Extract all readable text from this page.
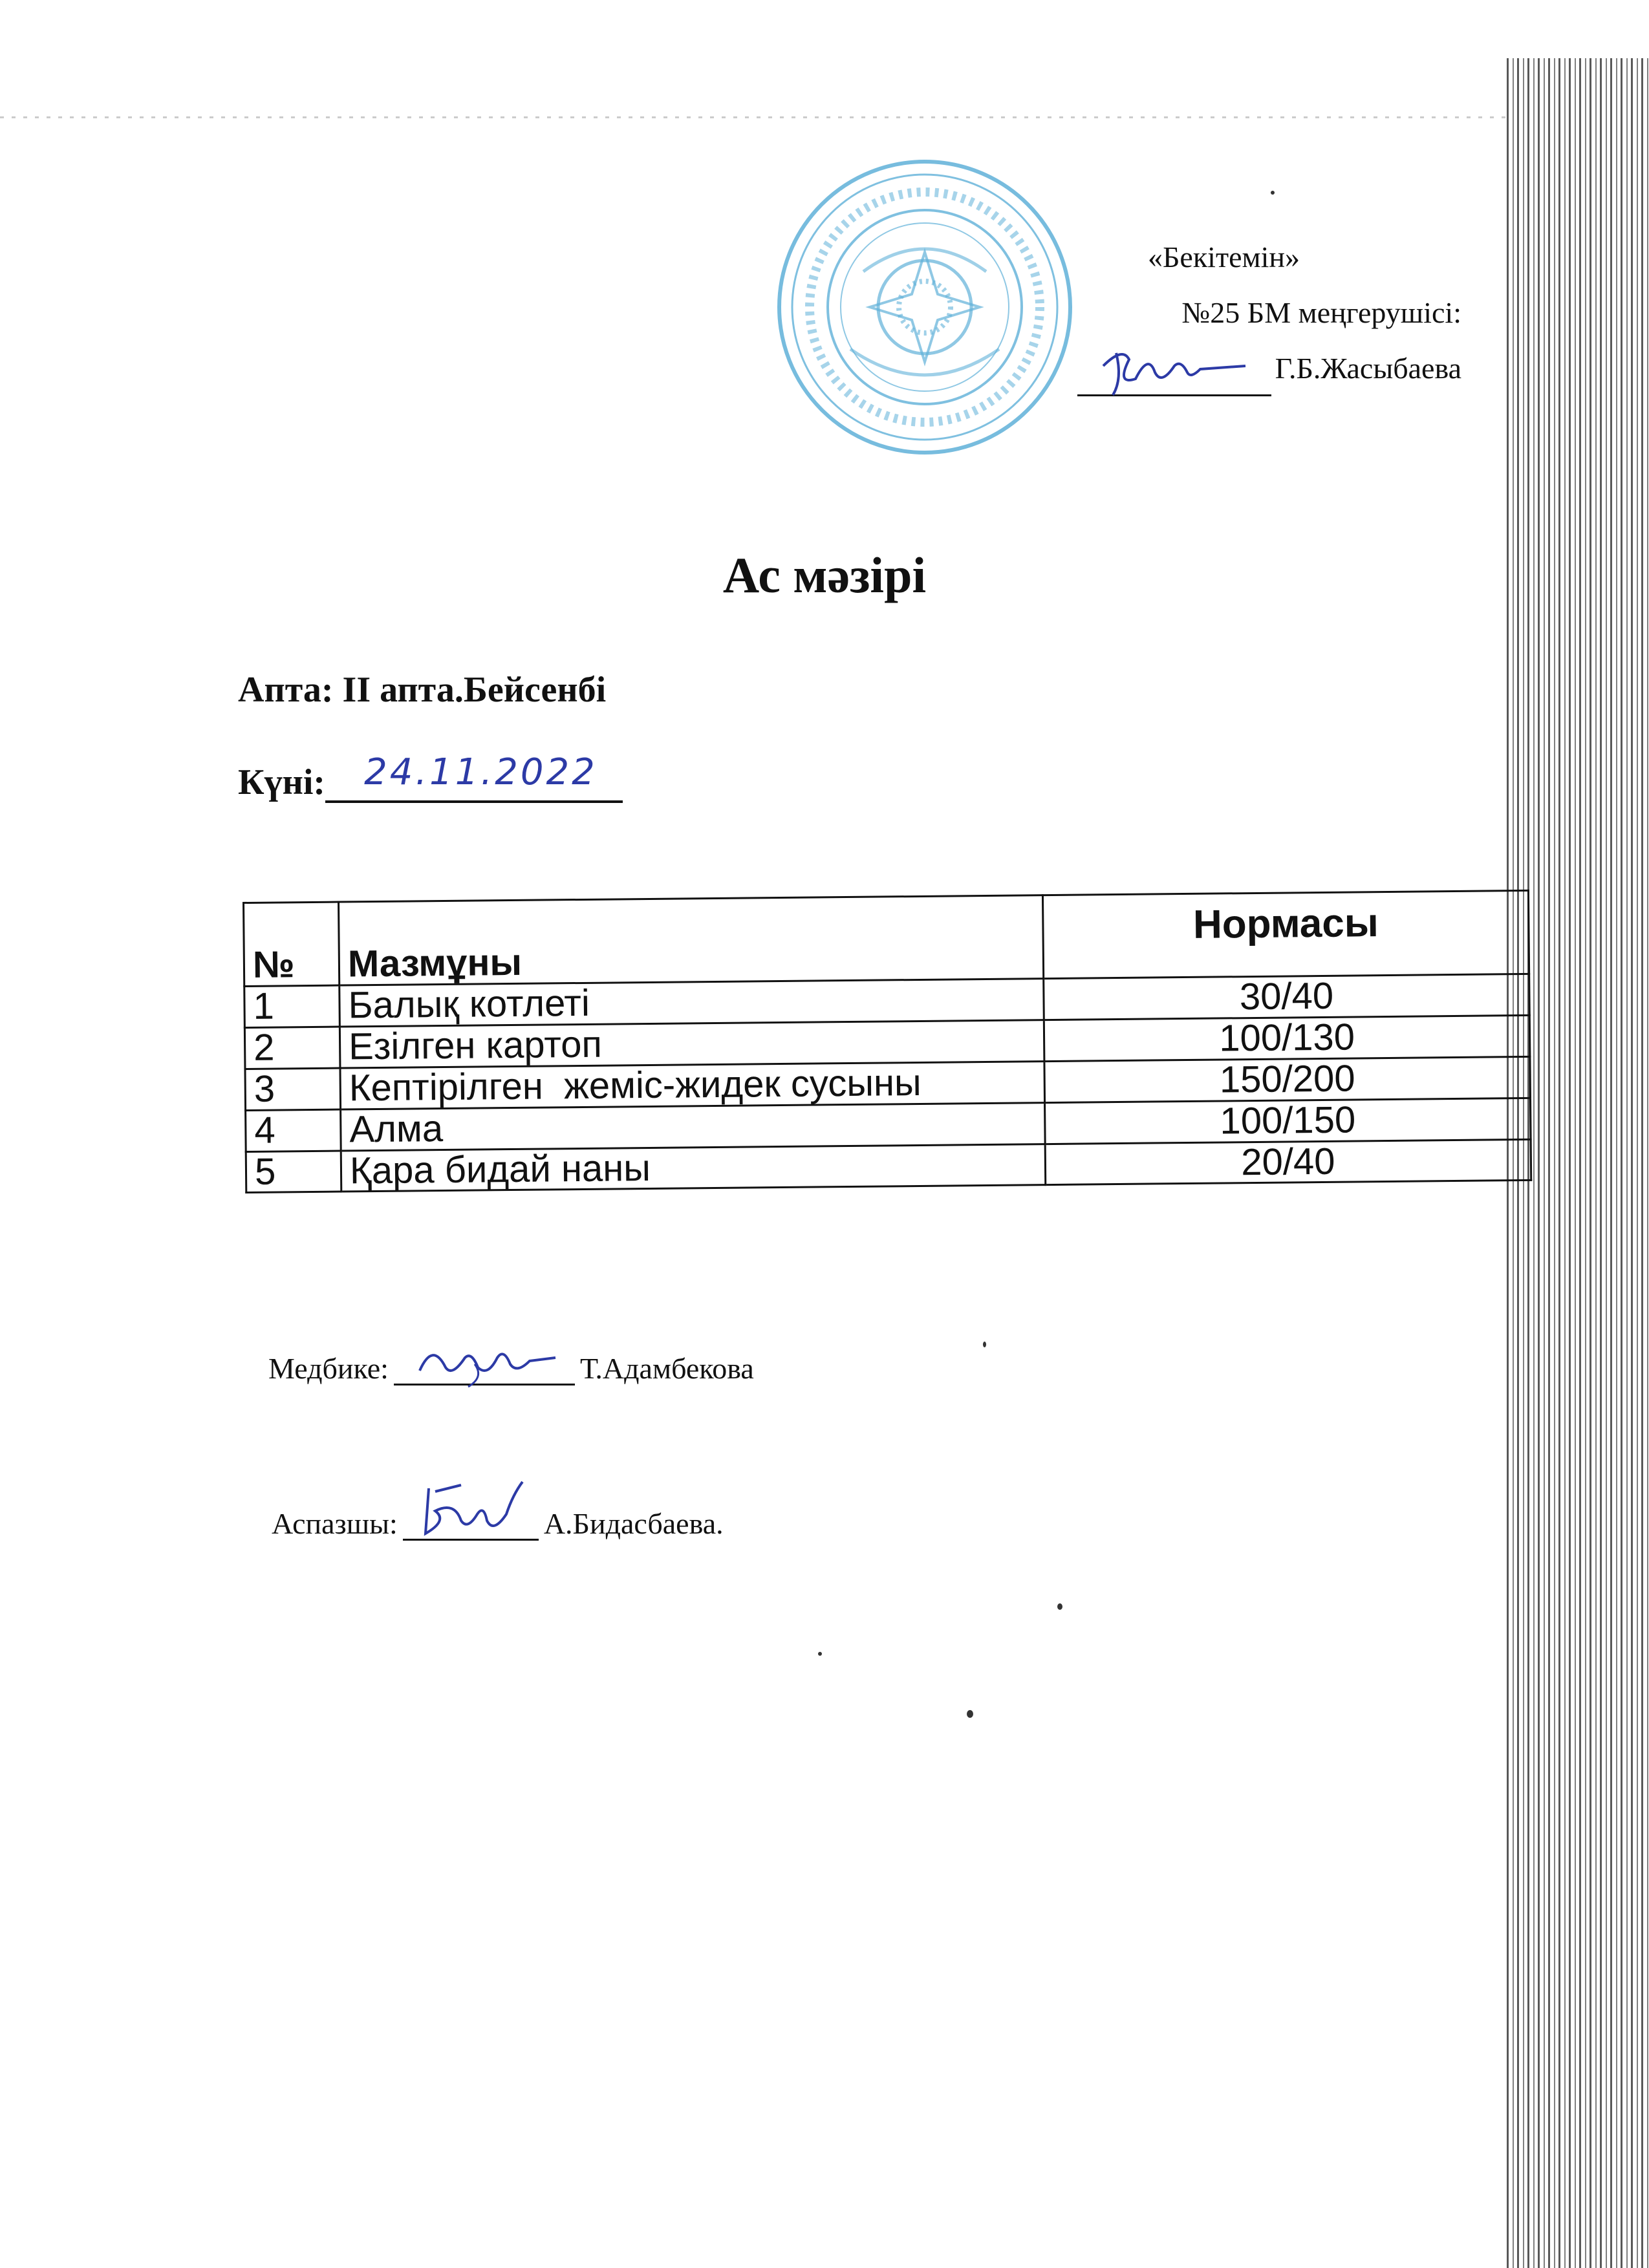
«Бекітемін»
№25 БМ меңгерушісі:
Г.Б.Жасыбаева
Ас мәзірі
Апта: II апта.Бейсенбі
Күні: 24.11.2022
№	Мазмұны	Нормасы
1	Балық котлеті	30/40
2	Езілген картоп	100/130
3	Кептірілген  жеміс-жидек сусыны	150/200
4	Алма	100/150
5	Қара бидай наны	20/40
Медбике:	Т.Адамбекова
Аспазшы:	А.Бидасбаева.
